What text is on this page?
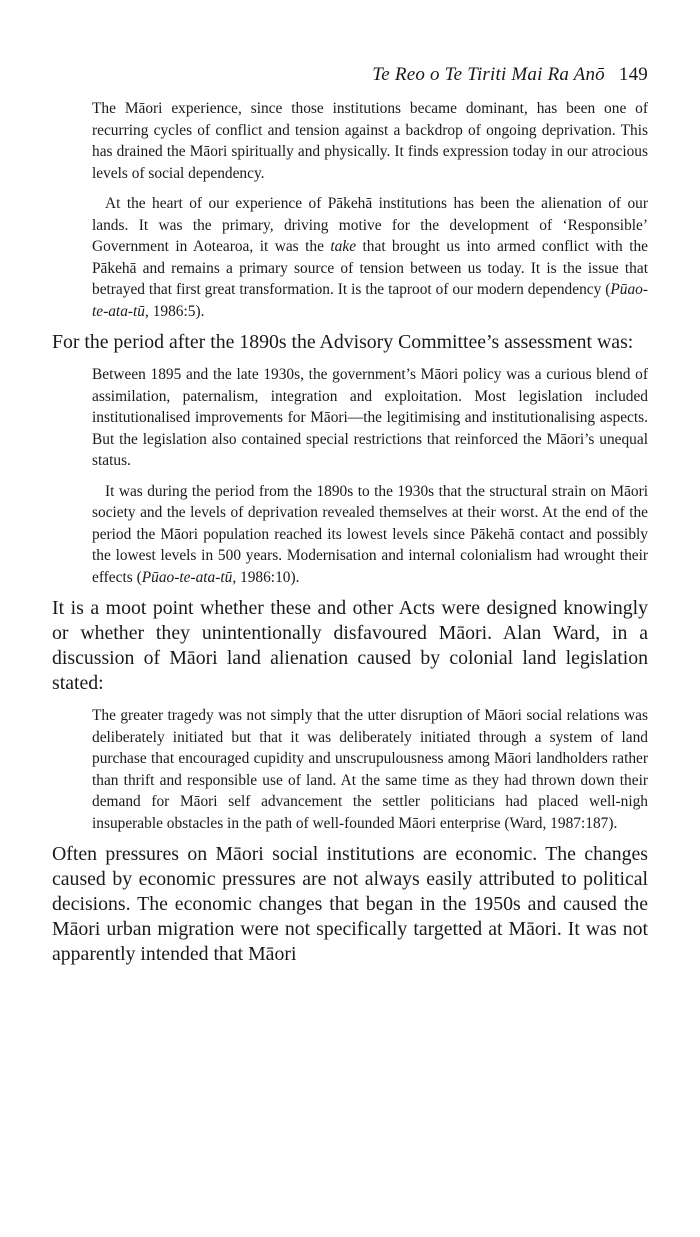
Te Reo o Te Tiriti Mai Ra Anō 149

The Māori experience, since those institutions became dominant, has been one of recurring cycles of conflict and tension against a backdrop of ongoing deprivation. This has drained the Māori spiritually and physically. It finds expression today in our atrocious levels of social dependency.

At the heart of our experience of Pākehā institutions has been the alienation of our lands. It was the primary, driving motive for the development of ‘Responsible’ Government in Aotearoa, it was the take that brought us into armed conflict with the Pākehā and remains a primary source of tension between us today. It is the issue that betrayed that first great transformation. It is the taproot of our modern dependency (Pūao-te-ata-tū, 1986:5).

For the period after the 1890s the Advisory Committee’s assessment was:

Between 1895 and the late 1930s, the government’s Māori policy was a curious blend of assimilation, paternalism, integration and exploitation. Most legislation included institutionalised improvements for Māori—the legitimising and institutionalising aspects. But the legislation also contained special restrictions that reinforced the Māori’s unequal status.

It was during the period from the 1890s to the 1930s that the structural strain on Māori society and the levels of deprivation revealed themselves at their worst. At the end of the period the Māori population reached its lowest levels since Pākehā contact and possibly the lowest levels in 500 years. Modernisation and internal colonialism had wrought their effects (Pūao-te-ata-tū, 1986:10).

It is a moot point whether these and other Acts were designed knowingly or whether they unintentionally disfavoured Māori. Alan Ward, in a discussion of Māori land alienation caused by colonial land legislation stated:

The greater tragedy was not simply that the utter disruption of Māori social relations was deliberately initiated but that it was deliberately initiated through a system of land purchase that encouraged cupidity and unscrupulousness among Māori landholders rather than thrift and responsible use of land. At the same time as they had thrown down their demand for Māori self advancement the settler politicians had placed well-nigh insuperable obstacles in the path of well-founded Māori enterprise (Ward, 1987:187).

Often pressures on Māori social institutions are economic. The changes caused by economic pressures are not always easily attributed to political decisions. The economic changes that began in the 1950s and caused the Māori urban migration were not specifically targetted at Māori. It was not apparently intended that Māori
